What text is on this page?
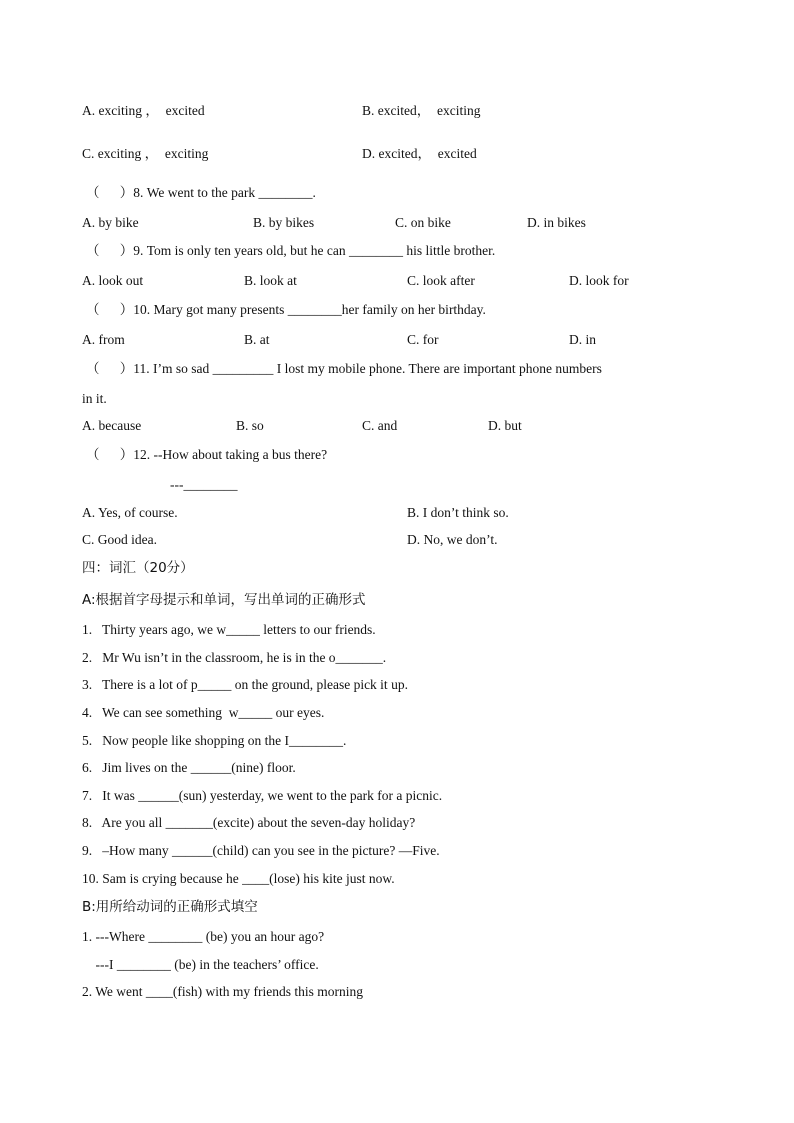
A. exciting ，  excited	B. excited，  exciting
C. exciting ，  exciting	D. excited，  excited
（      ）8. We went to the park ________.
A. by bike	B. by bikes	C. on bike	D. in bikes
（      ）9. Tom is only ten years old, but he can ________ his little brother.
A. look out	B. look at	C. look after	D. look for
（      ）10. Mary got many presents ________her family on her birthday.
A. from	B. at	C. for	D. in
（      ）11. I’m so sad _________ I lost my mobile phone. There are important phone numbers
in it.
A. because	B. so	C. and	D. but
（      ）12. --How about taking a bus there?
---________
A. Yes, of course.	B. I don’t think so.
C. Good idea.	D. No, we don’t.
四：词汇（20分）
A:根据首字母提示和单词，写出单词的正确形式
1.   Thirty years ago, we w_____ letters to our friends.
2.   Mr Wu isn’t in the classroom, he is in the o_______.
3.   There is a lot of p_____ on the ground, please pick it up.
4.   We can see something  w_____ our eyes.
5.   Now people like shopping on the I________.
6.   Jim lives on the ______(nine) floor.
7.   It was ______(sun) yesterday, we went to the park for a picnic.
8.   Are you all _______(excite) about the seven-day holiday?
9.   –How many ______(child) can you see in the picture? —Five.
10. Sam is crying because he ____(lose) his kite just now.
B:用所给动词的正确形式填空
1. ---Where ________ (be) you an hour ago?
---I ________ (be) in the teachers’ office.
2. We went ____(fish) with my friends this morning
